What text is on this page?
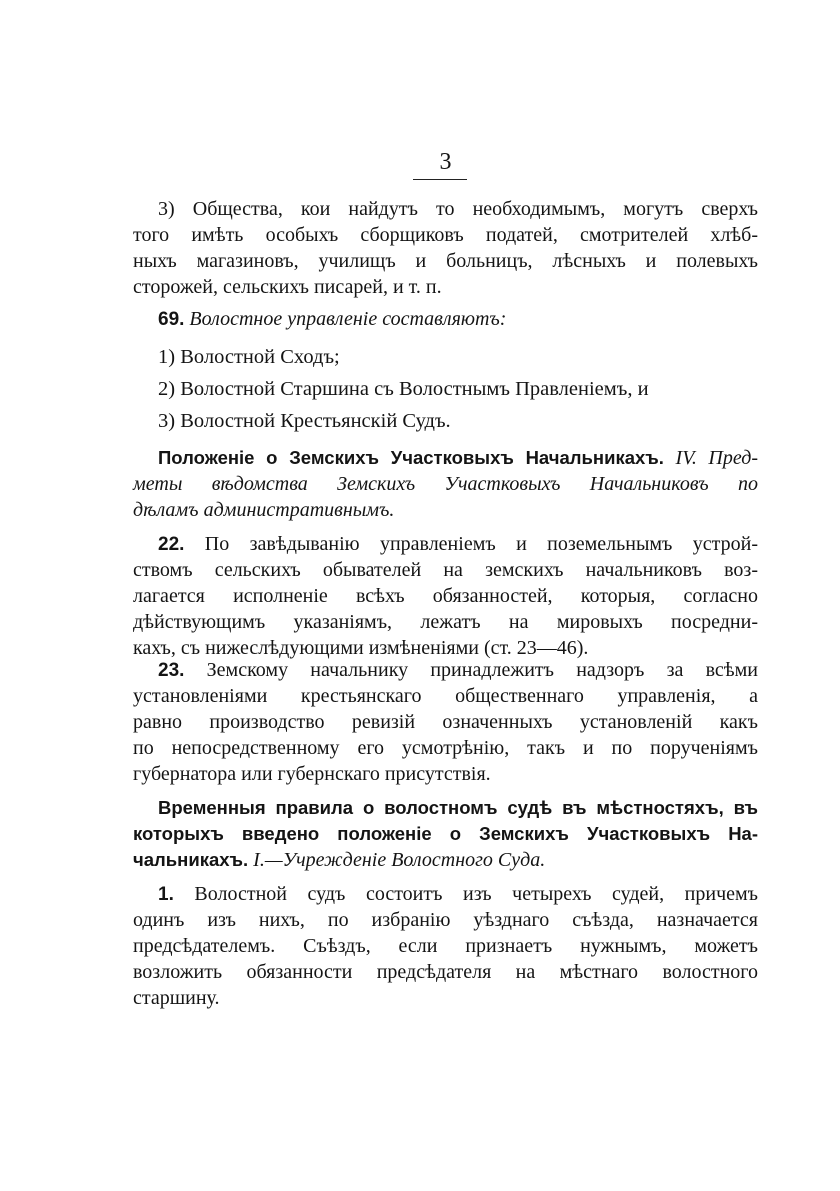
3
3) Общества, кои найдутъ то необходимымъ, могутъ сверхъ
того имѣть особыхъ сборщиковъ податей, смотрителей хлѣб-
ныхъ магазиновъ, училищъ и больницъ, лѣсныхъ и полевыхъ
сторожей, сельскихъ писарей, и т. п.
69. Волостное управленіе составляютъ:
1) Волостной Сходъ;
2) Волостной Старшина съ Волостнымъ Правленіемъ, и
3) Волостной Крестьянскій Судъ.
Положеніе о Земскихъ Участковыхъ Начальникахъ. IV. Пред-
меты вѣдомства Земскихъ Участковыхъ Начальниковъ по
дѣламъ административнымъ.
22. По завѣдыванію управленіемъ и поземельнымъ устрой-
ствомъ сельскихъ обывателей на земскихъ начальниковъ воз-
лагается исполненіе всѣхъ обязанностей, которыя, согласно
дѣйствующимъ указаніямъ, лежатъ на мировыхъ посредни-
кахъ, съ нижеслѣдующими измѣненіями (ст. 23—46).
23. Земскому начальнику принадлежитъ надзоръ за всѣми
установленіями крестьянскаго общественнаго управленія, а
равно производство ревизій означенныхъ установленій какъ
по непосредственному его усмотрѣнію, такъ и по порученіямъ
губернатора или губернскаго присутствія.
Временныя правила о волостномъ судѣ въ мѣстностяхъ, въ
которыхъ введено положеніе о Земскихъ Участковыхъ На-
чальникахъ. I.—Учрежденіе Волостного Суда.
1. Волостной судъ состоитъ изъ четырехъ судей, причемъ
одинъ изъ нихъ, по избранію уѣзднаго съѣзда, назначается
предсѣдателемъ. Съѣздъ, если признаетъ нужнымъ, можетъ
возложить обязанности предсѣдателя на мѣстнаго волостного
старшину.
